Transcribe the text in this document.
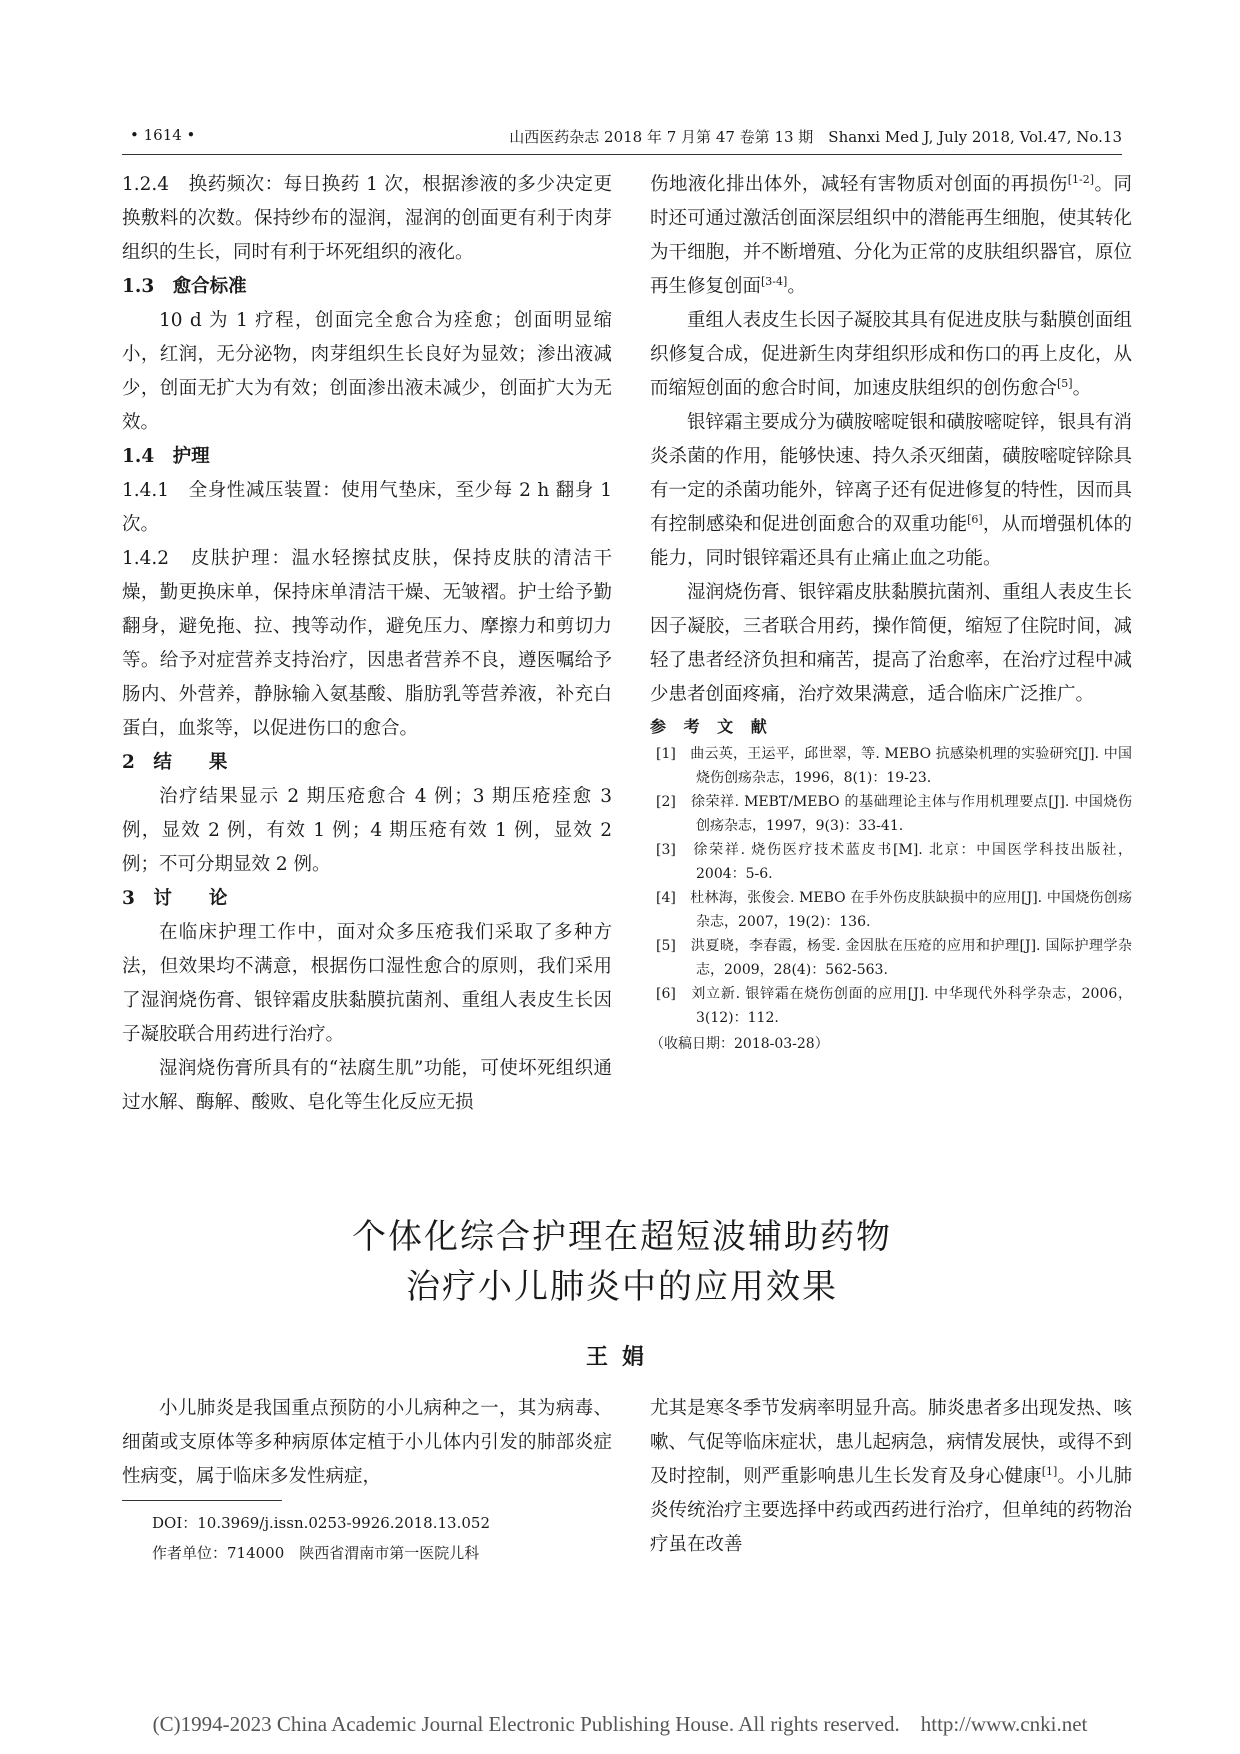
• 1614 •	山西医药杂志 2018 年 7 月第 47 卷第 13 期　Shanxi Med J, July 2018, Vol.47, No.13

1.2.4　换药频次：每日换药 1 次，根据渗液的多少决定更换敷料的次数。保持纱布的湿润，湿润的创面更有利于肉芽组织的生长，同时有利于坏死组织的液化。

1.3　愈合标准

10 d 为 1 疗程，创面完全愈合为痊愈；创面明显缩小，红润，无分泌物，肉芽组织生长良好为显效；渗出液减少，创面无扩大为有效；创面渗出液未减少，创面扩大为无效。

1.4　护理

1.4.1　全身性减压装置：使用气垫床，至少每 2 h 翻身 1 次。

1.4.2　皮肤护理：温水轻擦拭皮肤，保持皮肤的清洁干燥，勤更换床单，保持床单清洁干燥、无皱褶。护士给予勤翻身，避免拖、拉、拽等动作，避免压力、摩擦力和剪切力等。给予对症营养支持治疗，因患者营养不良，遵医嘱给予肠内、外营养，静脉输入氨基酸、脂肪乳等营养液，补充白蛋白，血浆等，以促进伤口的愈合。

2　结　　果

治疗结果显示 2 期压疮愈合 4 例；3 期压疮痊愈 3 例，显效 2 例，有效 1 例；4 期压疮有效 1 例，显效 2 例；不可分期显效 2 例。

3　讨　　论

在临床护理工作中，面对众多压疮我们采取了多种方法，但效果均不满意，根据伤口湿性愈合的原则，我们采用了湿润烧伤膏、银锌霜皮肤黏膜抗菌剂、重组人表皮生长因子凝胶联合用药进行治疗。

湿润烧伤膏所具有的“祛腐生肌”功能，可使坏死组织通过水解、酶解、酸败、皂化等生化反应无损

伤地液化排出体外，减轻有害物质对创面的再损伤[1-2]。同时还可通过激活创面深层组织中的潜能再生细胞，使其转化为干细胞，并不断增殖、分化为正常的皮肤组织器官，原位再生修复创面[3-4]。

重组人表皮生长因子凝胶其具有促进皮肤与黏膜创面组织修复合成，促进新生肉芽组织形成和伤口的再上皮化，从而缩短创面的愈合时间，加速皮肤组织的创伤愈合[5]。

银锌霜主要成分为磺胺嘧啶银和磺胺嘧啶锌，银具有消炎杀菌的作用，能够快速、持久杀灭细菌，磺胺嘧啶锌除具有一定的杀菌功能外，锌离子还有促进修复的特性，因而具有控制感染和促进创面愈合的双重功能[6]，从而增强机体的能力，同时银锌霜还具有止痛止血之功能。

湿润烧伤膏、银锌霜皮肤黏膜抗菌剂、重组人表皮生长因子凝胶，三者联合用药，操作简便，缩短了住院时间，减轻了患者经济负担和痛苦，提高了治愈率，在治疗过程中减少患者创面疼痛，治疗效果满意，适合临床广泛推广。

参 考 文 献

[1]　曲云英，王运平，邱世翠，等. MEBO 抗感染机理的实验研究[J]. 中国烧伤创疡杂志，1996，8(1)：19-23.

[2]　徐荣祥. MEBT/MEBO 的基础理论主体与作用机理要点[J]. 中国烧伤创疡杂志，1997，9(3)：33-41.

[3]　徐荣祥. 烧伤医疗技术蓝皮书[M]. 北京：中国医学科技出版社，2004：5-6.

[4]　杜林海，张俊会. MEBO 在手外伤皮肤缺损中的应用[J]. 中国烧伤创疡杂志，2007，19(2)：136.

[5]　洪夏晓，李春霞，杨雯. 金因肽在压疮的应用和护理[J]. 国际护理学杂志，2009，28(4)：562-563.

[6]　刘立新. 银锌霜在烧伤创面的应用[J]. 中华现代外科学杂志，2006，3(12)：112.

（收稿日期：2018-03-28）

个体化综合护理在超短波辅助药物
治疗小儿肺炎中的应用效果
王娟

小儿肺炎是我国重点预防的小儿病种之一，其为病毒、细菌或支原体等多种病原体定植于小儿体内引发的肺部炎症性病变，属于临床多发性病症，

DOI：10.3969/j.issn.0253-9926.2018.13.052
作者单位：714000　陕西省渭南市第一医院儿科

尤其是寒冬季节发病率明显升高。肺炎患者多出现发热、咳嗽、气促等临床症状，患儿起病急，病情发展快，或得不到及时控制，则严重影响患儿生长发育及身心健康[1]。小儿肺炎传统治疗主要选择中药或西药进行治疗，但单纯的药物治疗虽在改善

(C)1994-2023 China Academic Journal Electronic Publishing House. All rights reserved.　http://www.cnki.net
